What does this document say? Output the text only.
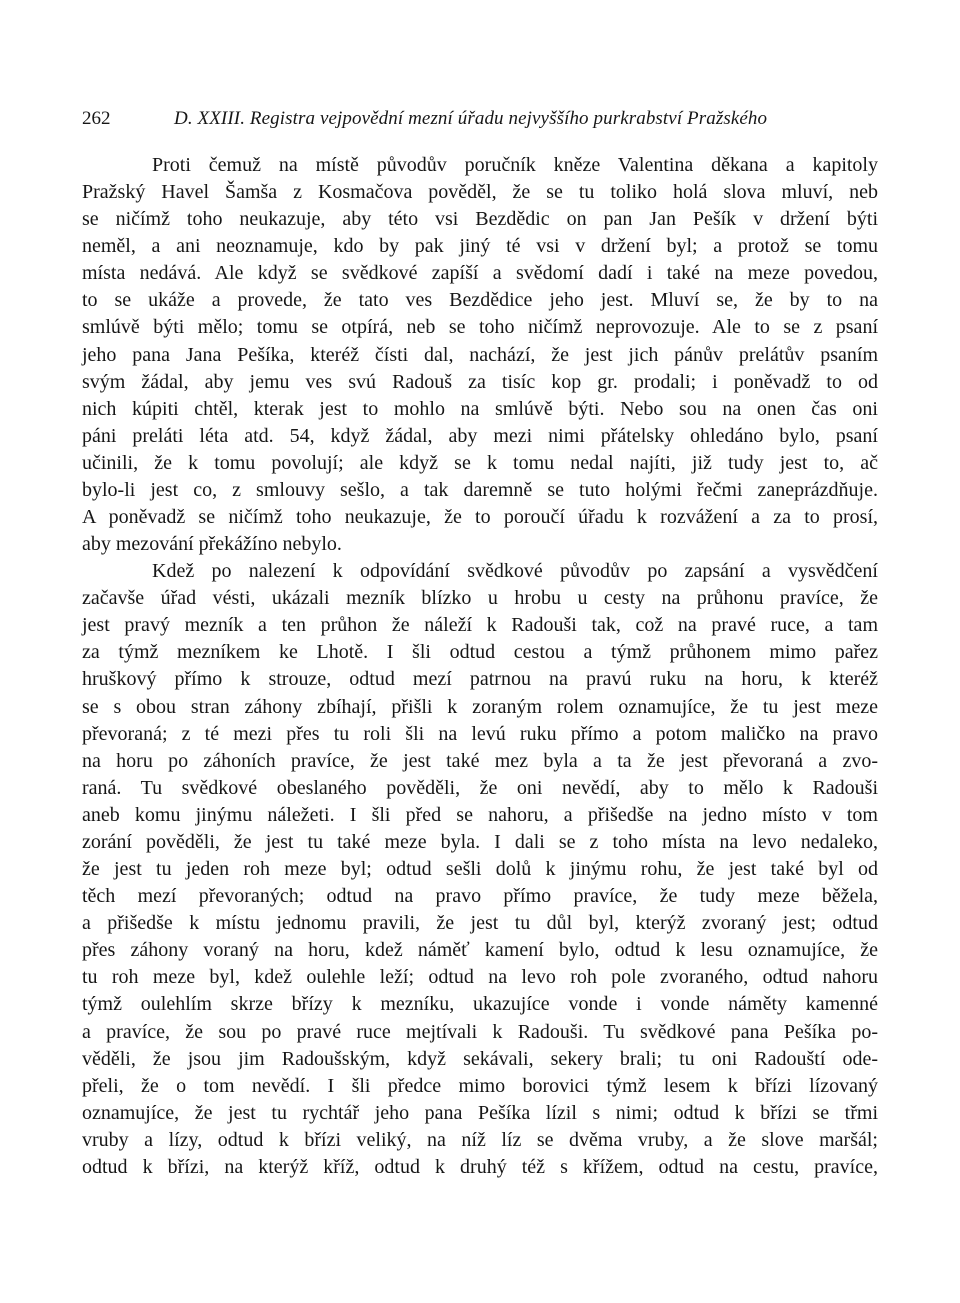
262	D. XXIII. Registra vejpovědní mezní úřadu nejvyššího purkrabství Pražského
Proti čemuž na místě původův poručník kněze Valentina děkana a kapitoly
Pražský Havel Šamša z Kosmačova pověděl, že se tu toliko holá slova mluví, neb
se ničímž toho neukazuje, aby této vsi Bezdědic on pan Jan Pešík v držení býti
neměl, a ani neoznamuje, kdo by pak jiný té vsi v držení byl; a protož se tomu
místa nedává. Ale když se svědkové zapíší a svědomí dadí i také na meze povedou,
to se ukáže a provede, že tato ves Bezdědice jeho jest. Mluví se, že by to na
smlúvě býti mělo; tomu se otpírá, neb se toho ničímž neprovozuje. Ale to se z psaní
jeho pana Jana Pešíka, kteréž čísti dal, nachází, že jest jich pánův prelátův psaním
svým žádal, aby jemu ves svú Radouš za tisíc kop gr. prodali; i poněvadž to od
nich kúpiti chtěl, kterak jest to mohlo na smlúvě býti. Nebo sou na onen čas oni
páni preláti léta atd. 54, když žádal, aby mezi nimi přátelsky ohledáno bylo, psaní
učinili, že k tomu povolují; ale když se k tomu nedal najíti, již tudy jest to, ač
bylo-li jest co, z smlouvy sešlo, a tak daremně se tuto holými řečmi zaneprázdňuje.
A poněvadž se ničímž toho neukazuje, že to poroučí úřadu k rozvážení a za to prosí,
aby mezování překážíno nebylo.
Kdež po nalezení k odpovídání svědkové původův po zapsání a vysvědčení
začavše úřad vésti, ukázali mezník blízko u hrobu u cesty na průhonu pravíce, že
jest pravý mezník a ten průhon že náleží k Radouši tak, což na pravé ruce, a tam
za týmž mezníkem ke Lhotě. I šli odtud cestou a týmž průhonem mimo pařez
hruškový přímo k strouze, odtud mezí patrnou na pravú ruku na horu, k kteréž
se s obou stran záhony zbíhají, přišli k zoraným rolem oznamujíce, že tu jest meze
převoraná; z té mezi přes tu roli šli na levú ruku přímo a potom maličko na pravo
na horu po záhoních pravíce, že jest také mez byla a ta že jest převoraná a zvo-
raná. Tu svědkové obeslaného pověděli, že oni nevědí, aby to mělo k Radouši
aneb komu jinýmu náležeti. I šli před se nahoru, a přišedše na jedno místo v tom
zorání pověděli, že jest tu také meze byla. I dali se z toho místa na levo nedaleko,
že jest tu jeden roh meze byl; odtud sešli dolů k jinýmu rohu, že jest také byl od
těch mezí převoraných; odtud na pravo přímo pravíce, že tudy meze běžela,
a přišedše k místu jednomu pravili, že jest tu důl byl, kterýž zvoraný jest; odtud
přes záhony voraný na horu, kdež náměť kamení bylo, odtud k lesu oznamujíce, že
tu roh meze byl, kdež oulehle leží; odtud na levo roh pole zvoraného, odtud nahoru
týmž oulehlím skrze břízy k mezníku, ukazujíce vonde i vonde náměty kamenné
a pravíce, že sou po pravé ruce mejtívali k Radouši. Tu svědkové pana Pešíka po-
věděli, že jsou jim Radoušským, když sekávali, sekery brali; tu oni Radouští ode-
přeli, že o tom nevědí. I šli předce mimo borovici týmž lesem k břízi lízovaný
oznamujíce, že jest tu rychtář jeho pana Pešíka lízil s nimi; odtud k břízi se třmi
vruby a lízy, odtud k břízi veliký, na níž líz se dvěma vruby, a že slove maršál;
odtud k břízi, na kterýž kříž, odtud k druhý též s křížem, odtud na cestu, pravíce,
